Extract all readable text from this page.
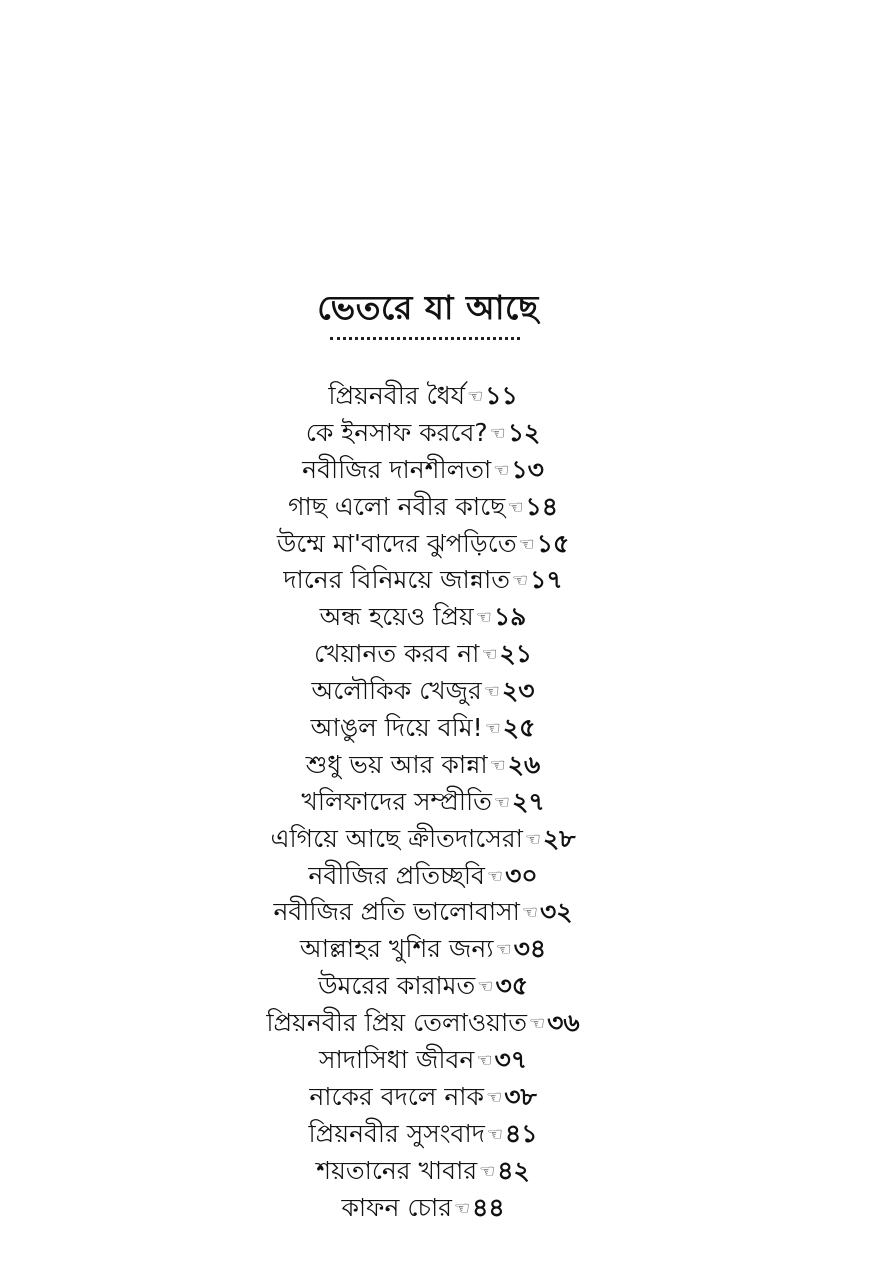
ভেতরে যা আছে
প্রিয়নবীর ধৈর্য ☜১১
কে ইনসাফ করবে? ☜১২
নবীজির দানশীলতা ☜১৩
গাছ এলো নবীর কাছে ☜১৪
উম্মে মা'বাদের ঝুপড়িতে ☜১৫
দানের বিনিময়ে জান্নাত ☜১৭
অন্ধ হয়েও প্রিয় ☜১৯
খেয়ানত করব না ☜২১
অলৌকিক খেজুর ☜২৩
আঙুল দিয়ে বমি! ☜২৫
শুধু ভয় আর কান্না ☜২৬
খলিফাদের সম্প্রীতি ☜২৭
এগিয়ে আছে ক্রীতদাসেরা ☜২৮
নবীজির প্রতিচ্ছবি ☜৩০
নবীজির প্রতি ভালোবাসা ☜৩২
আল্লাহর খুশির জন্য ☜৩৪
উমরের কারামত ☜৩৫
প্রিয়নবীর প্রিয় তেলাওয়াত ☜৩৬
সাদাসিধা জীবন ☜৩৭
নাকের বদলে নাক ☜৩৮
প্রিয়নবীর সুসংবাদ ☜৪১
শয়তানের খাবার ☜৪২
কাফন চোর ☜৪৪
